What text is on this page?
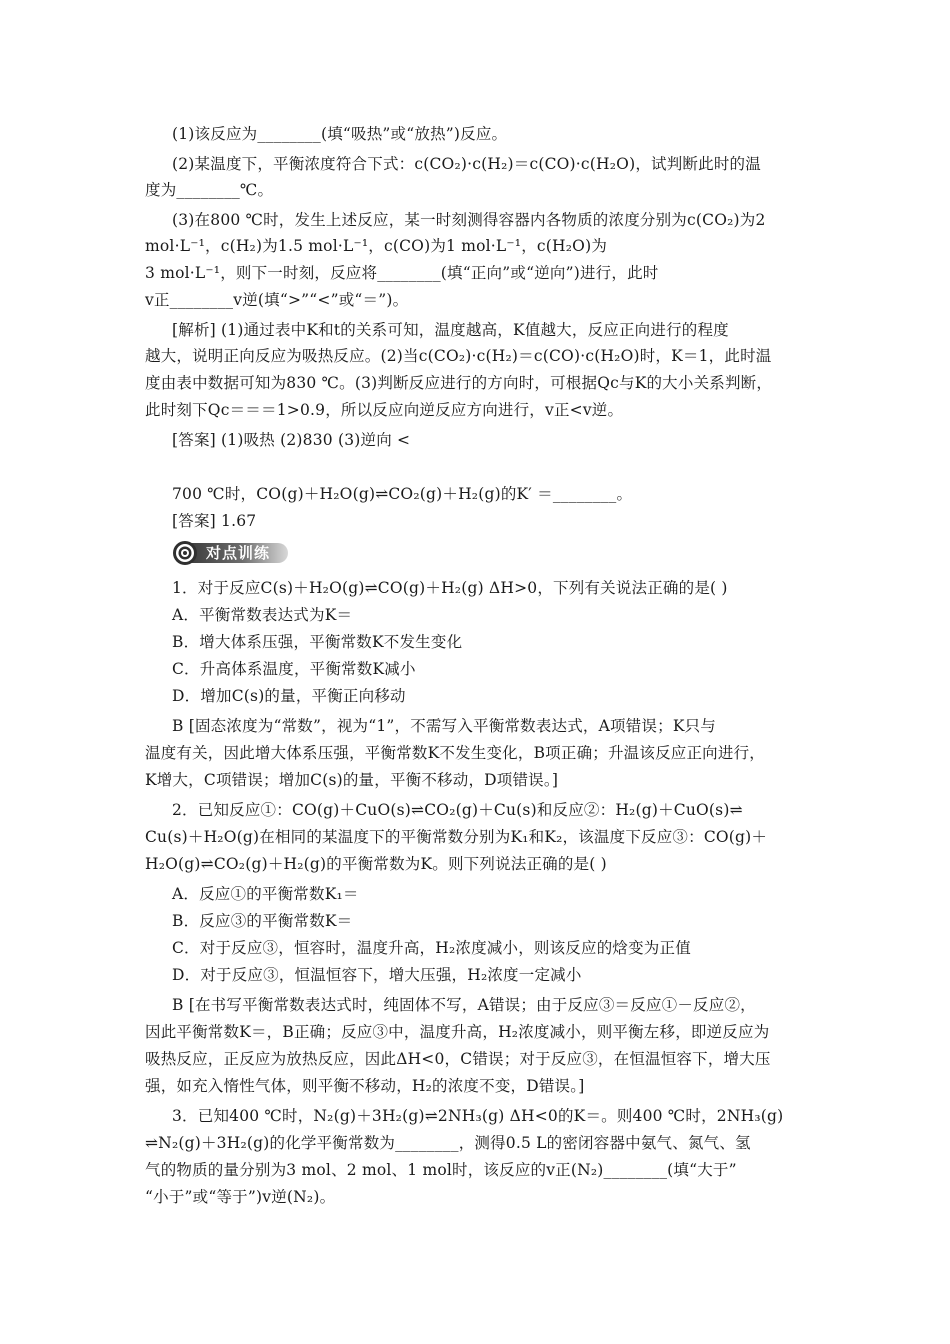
(1)该反应为________(填“吸热”或“放热”)反应。
(2)某温度下，平衡浓度符合下式：c(CO₂)·c(H₂)＝c(CO)·c(H₂O)，试判断此时的温
度为________℃。
(3)在800 ℃时，发生上述反应，某一时刻测得容器内各物质的浓度分别为c(CO₂)为2
mol·L⁻¹，c(H₂)为1.5 mol·L⁻¹，c(CO)为1 mol·L⁻¹，c(H₂O)为
3 mol·L⁻¹，则下一时刻，反应将________(填“正向”或“逆向”)进行，此时
v正________v逆(填“>”“<”或“＝”)。
[解析] (1)通过表中K和t的关系可知，温度越高，K值越大，反应正向进行的程度
越大，说明正向反应为吸热反应。(2)当c(CO₂)·c(H₂)＝c(CO)·c(H₂O)时，K＝1，此时温
度由表中数据可知为830 ℃。(3)判断反应进行的方向时，可根据Qc与K的大小关系判断，
此时刻下Qc＝＝＝1>0.9，所以反应向逆反应方向进行，v正<v逆。
[答案] (1)吸热 (2)830 (3)逆向 <
700 ℃时，CO(g)＋H₂O(g)⇌CO₂(g)＋H₂(g)的K′ ＝________。
[答案] 1.67
1．对于反应C(s)＋H₂O(g)⇌CO(g)＋H₂(g) ΔH>0，下列有关说法正确的是( )
A．平衡常数表达式为K＝
B．增大体系压强，平衡常数K不发生变化
C．升高体系温度，平衡常数K减小
D．增加C(s)的量，平衡正向移动
B [固态浓度为“常数”，视为“1”，不需写入平衡常数表达式，A项错误；K只与
温度有关，因此增大体系压强，平衡常数K不发生变化，B项正确；升温该反应正向进行，
K增大，C项错误；增加C(s)的量，平衡不移动，D项错误。]
2．已知反应①：CO(g)＋CuO(s)⇌CO₂(g)＋Cu(s)和反应②：H₂(g)＋CuO(s)⇌
Cu(s)＋H₂O(g)在相同的某温度下的平衡常数分别为K₁和K₂，该温度下反应③：CO(g)＋
H₂O(g)⇌CO₂(g)＋H₂(g)的平衡常数为K。则下列说法正确的是( )
A．反应①的平衡常数K₁＝
B．反应③的平衡常数K＝
C．对于反应③，恒容时，温度升高，H₂浓度减小，则该反应的焓变为正值
D．对于反应③，恒温恒容下，增大压强，H₂浓度一定减小
B [在书写平衡常数表达式时，纯固体不写，A错误；由于反应③＝反应①－反应②，
因此平衡常数K＝，B正确；反应③中，温度升高，H₂浓度减小，则平衡左移，即逆反应为
吸热反应，正反应为放热反应，因此ΔH<0，C错误；对于反应③，在恒温恒容下，增大压
强，如充入惰性气体，则平衡不移动，H₂的浓度不变，D错误。]
3．已知400 ℃时，N₂(g)＋3H₂(g)⇌2NH₃(g) ΔH<0的K＝。则400 ℃时，2NH₃(g)
⇌N₂(g)＋3H₂(g)的化学平衡常数为________，测得0.5 L的密闭容器中氨气、氮气、氢
气的物质的量分别为3 mol、2 mol、1 mol时，该反应的v正(N₂)________(填“大于”
“小于”或“等于”)v逆(N₂)。
对点训练
